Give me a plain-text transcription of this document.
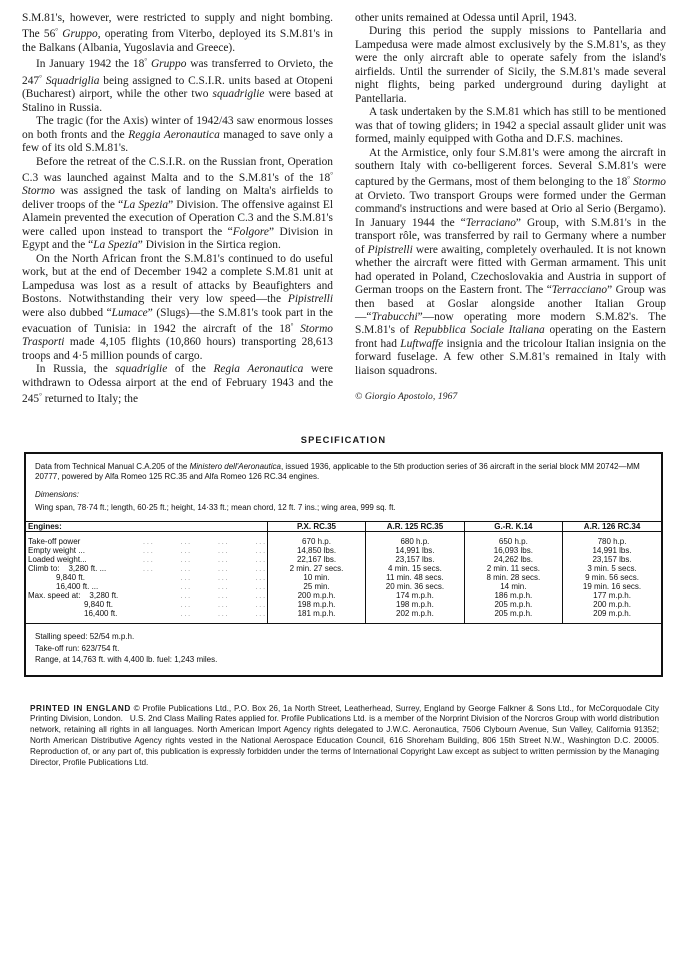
S.M.81's, however, were restricted to supply and night bombing. The 56° Gruppo, operating from Viterbo, deployed its S.M.81's in the Balkans (Albania, Yugoslavia and Greece).

In January 1942 the 18° Gruppo was transferred to Orvieto, the 247° Squadriglia being assigned to C.S.I.R. units based at Otopeni (Bucharest) airport, while the other two squadriglie were based at Stalino in Russia.

The tragic (for the Axis) winter of 1942/43 saw enormous losses on both fronts and the Reggia Aeronautica managed to save only a few of its old S.M.81's.

Before the retreat of the C.S.I.R. on the Russian front, Operation C.3 was launched against Malta and to the S.M.81's of the 18° Stormo was assigned the task of landing on Malta's airfields to deliver troops of the “La Spezia” Division. The offensive against El Alamein prevented the execution of Operation C.3 and the S.M.81's were called upon instead to transport the “Folgore” Division in Egypt and the “La Spezia” Division in the Sirtica region.

On the North African front the S.M.81's continued to do useful work, but at the end of December 1942 a complete S.M.81 unit at Lampedusa was lost as a result of attacks by Beaufighters and Bostons. Notwithstanding their very low speed—the Pipistrelli were also dubbed “Lumace” (Slugs)—the S.M.81's took part in the evacuation of Tunisia: in 1942 the aircraft of the 18° Stormo Trasporti made 4,105 flights (10,860 hours) transporting 28,613 troops and 4·5 million pounds of cargo.

In Russia, the squadriglie of the Regia Aeronautica were withdrawn to Odessa airport at the end of February 1943 and the 245° returned to Italy; the

other units remained at Odessa until April, 1943.

During this period the supply missions to Pantellaria and Lampedusa were made almost exclusively by the S.M.81's, as they were the only aircraft able to operate safely from the island's airfields. Until the surrender of Sicily, the S.M.81's made several night flights, being parked underground during daylight at Pantellaria.

A task undertaken by the S.M.81 which has still to be mentioned was that of towing gliders; in 1942 a special assault glider unit was formed, mainly equipped with Gotha and D.F.S. machines.

At the Armistice, only four S.M.81's were among the aircraft in southern Italy with co-belligerent forces. Several S.M.81's were captured by the Germans, most of them belonging to the 18° Stormo at Orvieto. Two transport Groups were formed under the German command's instructions and were based at Orio al Serio (Bergamo). In January 1944 the “Terraciano” Group, with S.M.81's in the transport rôle, was transferred by rail to Germany where a number of Pipistrelli were awaiting, completely overhauled. It is not known whether the aircraft were fitted with German armament. This unit had operated in Poland, Czechoslovakia and Austria in support of German troops on the Eastern front. The “Terracciano” Group was then based at Goslar alongside another Italian Group—“Trabucchi”—now operating more modern S.M.82's. The S.M.81's of Repubblica Sociale Italiana operating on the Eastern front had Luftwaffe insignia and the tricolour Italian insignia on the forward fuselage. A few other S.M.81's remained in Italy with liaison squadrons.

© Giorgio Apostolo, 1967
SPECIFICATION
Data from Technical Manual C.A.205 of the Ministero dell'Aeronautica, issued 1936, applicable to the 5th production series of 36 aircraft in the serial block MM 20742—MM 20777, powered by Alfa Romeo 125 RC.35 and Alfa Romeo 126 RC.34 engines.
Dimensions:
Wing span, 78·74 ft.; length, 60·25 ft.; height, 14·33 ft.; mean chord, 12 ft. 7 ins.; wing area, 999 sq. ft.
Engines:	P.X. RC.35	A.R. 125 RC.35	G.-R. K.14	A.R. 126 RC.34

Take-off power ... ... ... ...	670 h.p.	680 h.p.	650 h.p.	780 h.p.

Empty weight ... ... ... ... ...	14,850 lbs.	14,991 lbs.	16,093 lbs.	14,991 lbs.

Loaded weight... ... ... ... ...	22,167 lbs.	23,157 lbs.	24,262 lbs.	23,157 lbs.

Climb to:    3,280 ft. ... ... ... ... ...	2 min. 27 secs.	4 min. 15 secs.	2 min. 11 secs.	3 min. 5 secs.

9,840 ft. ... ... ...	10 min.	11 min. 48 secs.	8 min. 28 secs.	9 min. 56 secs.

16,400 ft. ... ... ... ...	25 min.	20 min. 36 secs.	14 min.	19 min. 16 secs.

Max. speed at:    3,280 ft. ... ... ...	200 m.p.h.	174 m.p.h.	186 m.p.h.	177 m.p.h.

9,840 ft. ... ... ...	198 m.p.h.	198 m.p.h.	205 m.p.h.	200 m.p.h.

16,400 ft. ... ... ...	181 m.p.h.	202 m.p.h.	205 m.p.h.	209 m.p.h.
Stalling speed: 52/54 m.p.h.
Take-off run: 623/754 ft.
Range, at 14,763 ft. with 4,400 lb. fuel: 1,243 miles.
PRINTED IN ENGLAND © Profile Publications Ltd., P.O. Box 26, 1a North Street, Leatherhead, Surrey, England by George Falkner & Sons Ltd., for McCorquodale City Printing Division, London.   U.S. 2nd Class Mailing Rates applied for. Profile Publications Ltd. is a member of the Norprint Division of the Norcros Group with world distribution network, retaining all rights in all languages. North American Import Agency rights delegated to J.W.C. Aeronautica, 7506 Clybourn Avenue, Sun Valley, California 91352; North American Distributive Agency rights vested in the National Aerospace Education Council, 616 Shoreham Building, 806 15th Street N.W., Washington D.C. 20005. Reproduction of, or any part of, this publication is expressly forbidden under the terms of International Copyright Law except as subject to written permission by the Managing Director, Profile Publications Ltd.
